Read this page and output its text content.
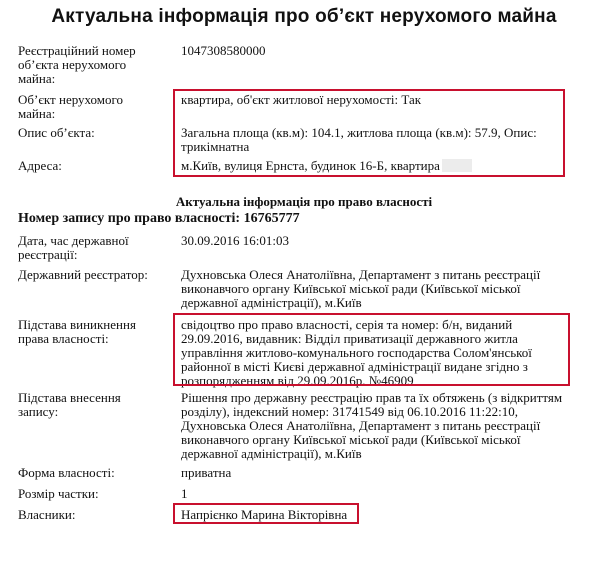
Актуальна інформація про об’єкт нерухомого майна
Реєстраційний номер об’єкта нерухомого майна:
1047308580000
Об’єкт нерухомого майна:
квартира, об'єкт житлової нерухомості: Так
Опис об’єкта:	Загальна площа (кв.м): 104.1, житлова площа (кв.м): 57.9, Опис: трикімнатна
Адреса:	м.Київ, вулиця Ернста, будинок 16-Б, квартира
Актуальна інформація про право власності
Номер запису про право власності: 16765777
Дата, час державної реєстрації:
30.09.2016 16:01:03
Державний реєстратор:	Духновська Олеся Анатоліївна, Департамент з питань реєстрації виконавчого органу Київської міської ради (Київської міської державної адміністрації), м.Київ
Підстава виникнення права власності:
свідоцтво про право власності, серія та номер: б/н, виданий 29.09.2016, видавник: Відділ приватизації державного житла управління житлово-комунального господарства Солом'янської районної в місті Києві державної адміністрації видане згідно з розпорядженням від 29.09.2016р. №46909
Підстава внесення запису:
Рішення про державну реєстрацію прав та їх обтяжень (з відкриттям розділу), індексний номер: 31741549 від 06.10.2016 11:22:10, Духновська Олеся Анатоліївна, Департамент з питань реєстрації виконавчого органу Київської міської ради (Київської міської державної адміністрації), м.Київ
Форма власності:	приватна
Розмір частки:	1
Власники:	Напрієнко Марина Вікторівна
